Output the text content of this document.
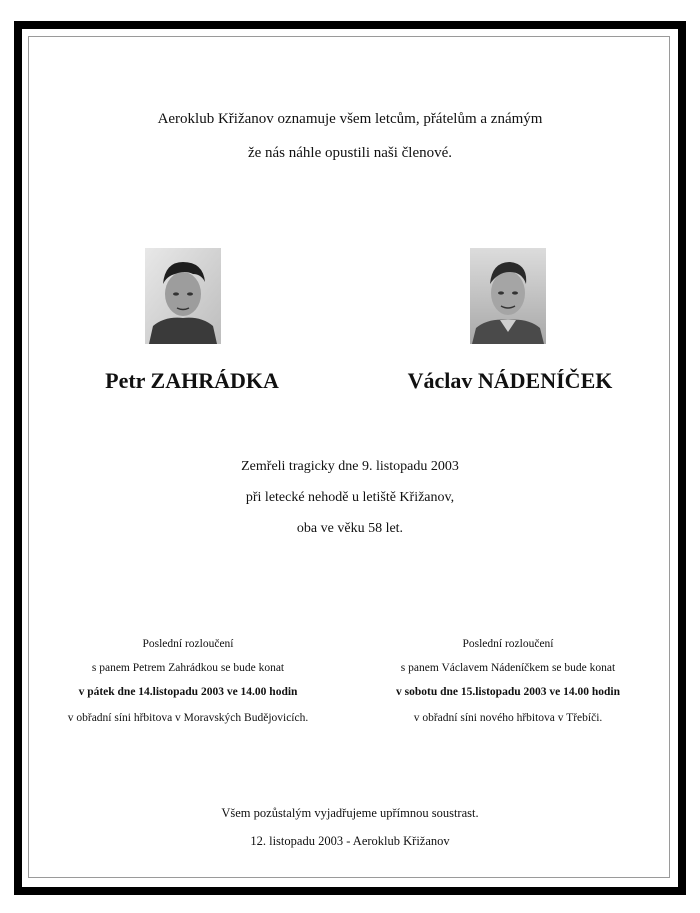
Aeroklub Křižanov oznamuje všem letcům, přátelům a známým
že nás náhle opustili naši členové.
Petr ZAHRÁDKA	Václav NÁDENÍČEK
Zemřeli tragicky dne 9. listopadu 2003
při letecké nehodě u letiště Křižanov,
oba ve věku 58 let.
Poslední rozloučení
s panem Petrem Zahrádkou se bude konat
v pátek dne 14.listopadu 2003 ve 14.00 hodin
v obřadní síni hřbitova v Moravských Budějovicích.
Poslední rozloučení
s panem Václavem Nádeníčkem se bude konat
v sobotu dne 15.listopadu 2003 ve 14.00 hodin
v obřadní síni nového hřbitova v Třebíči.
Všem pozůstalým vyjadřujeme upřímnou soustrast.
12. listopadu 2003 - Aeroklub Křižanov
